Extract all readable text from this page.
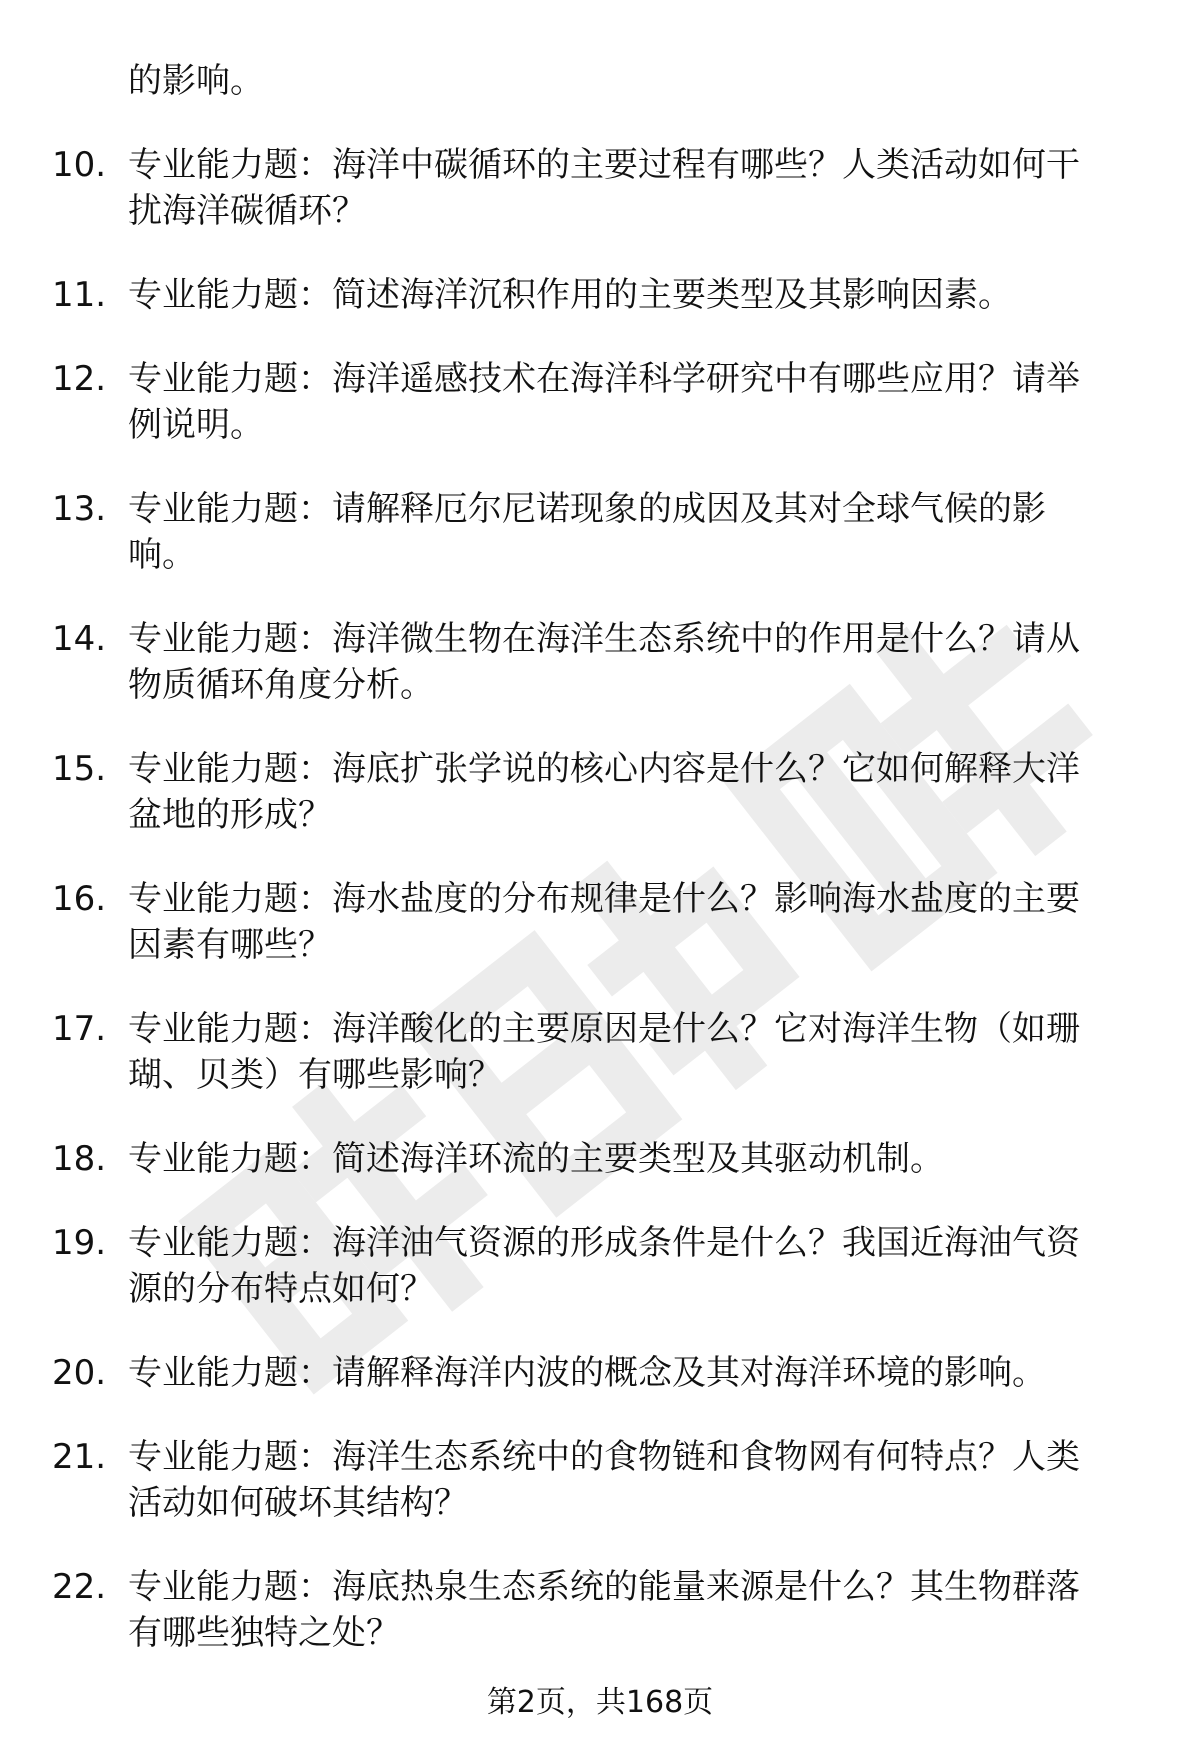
的影响。
10. 专业能力题：海洋中碳循环的主要过程有哪些？人类活动如何干
扰海洋碳循环？
11. 专业能力题：简述海洋沉积作用的主要类型及其影响因素。
12. 专业能力题：海洋遥感技术在海洋科学研究中有哪些应用？请举
例说明。
13. 专业能力题：请解释厄尔尼诺现象的成因及其对全球气候的影
响。
14. 专业能力题：海洋微生物在海洋生态系统中的作用是什么？请从
物质循环角度分析。
15. 专业能力题：海底扩张学说的核心内容是什么？它如何解释大洋
盆地的形成？
16. 专业能力题：海水盐度的分布规律是什么？影响海水盐度的主要
因素有哪些？
17. 专业能力题：海洋酸化的主要原因是什么？它对海洋生物（如珊
瑚、贝类）有哪些影响？
18. 专业能力题：简述海洋环流的主要类型及其驱动机制。
19. 专业能力题：海洋油气资源的形成条件是什么？我国近海油气资
源的分布特点如何？
20. 专业能力题：请解释海洋内波的概念及其对海洋环境的影响。
21. 专业能力题：海洋生态系统中的食物链和食物网有何特点？人类
活动如何破坏其结构？
22. 专业能力题：海底热泉生态系统的能量来源是什么？其生物群落
有哪些独特之处？
第2页，共168页
